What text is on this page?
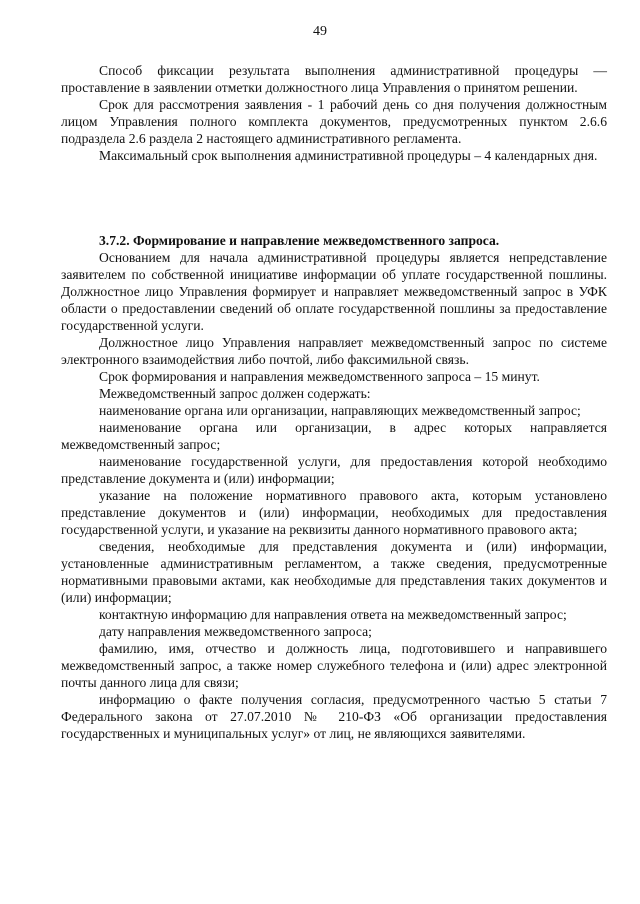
49

Способ фиксации результата выполнения административной процедуры — проставление в заявлении отметки должностного лица Управления о принятом решении.

Срок для рассмотрения заявления - 1 рабочий день со дня получения должностным лицом Управления полного комплекта документов, предусмотренных пунктом 2.6.6 подраздела 2.6 раздела 2 настоящего административного регламента.

Максимальный срок выполнения административной процедуры – 4 календарных дня.

3.7.2. Формирование и направление межведомственного запроса.

Основанием для начала административной процедуры является непредставление заявителем по собственной инициативе информации об уплате государственной пошлины. Должностное лицо Управления формирует и направляет межведомственный запрос в УФК области о предоставлении сведений об оплате государственной пошлины за предоставление государственной услуги.

Должностное лицо Управления направляет межведомственный запрос по системе электронного взаимодействия либо почтой, либо факсимильной связь.

Срок формирования и направления межведомственного запроса – 15 минут.

Межведомственный запрос должен содержать:

наименование органа или организации, направляющих межведомственный запрос;

наименование органа или организации, в адрес которых направляется межведомственный запрос;

наименование государственной услуги, для предоставления которой необходимо представление документа и (или) информации;

указание на положение нормативного правового акта, которым установлено представление документов и (или) информации, необходимых для предоставления государственной услуги, и указание на реквизиты данного нормативного правового акта;

сведения, необходимые для представления документа и (или) информации, установленные административным регламентом, а также сведения, предусмотренные нормативными правовыми актами, как необходимые для представления таких документов и (или) информации;

контактную информацию для направления ответа на межведомственный запрос;

дату направления межведомственного запроса;

фамилию, имя, отчество и должность лица, подготовившего и направившего межведомственный запрос, а также номер служебного телефона и (или) адрес электронной почты данного лица для связи;

информацию о факте получения согласия, предусмотренного частью 5 статьи 7 Федерального закона от 27.07.2010 № 210-ФЗ «Об организации предоставления государственных и муниципальных услуг» от лиц, не являющихся заявителями.
